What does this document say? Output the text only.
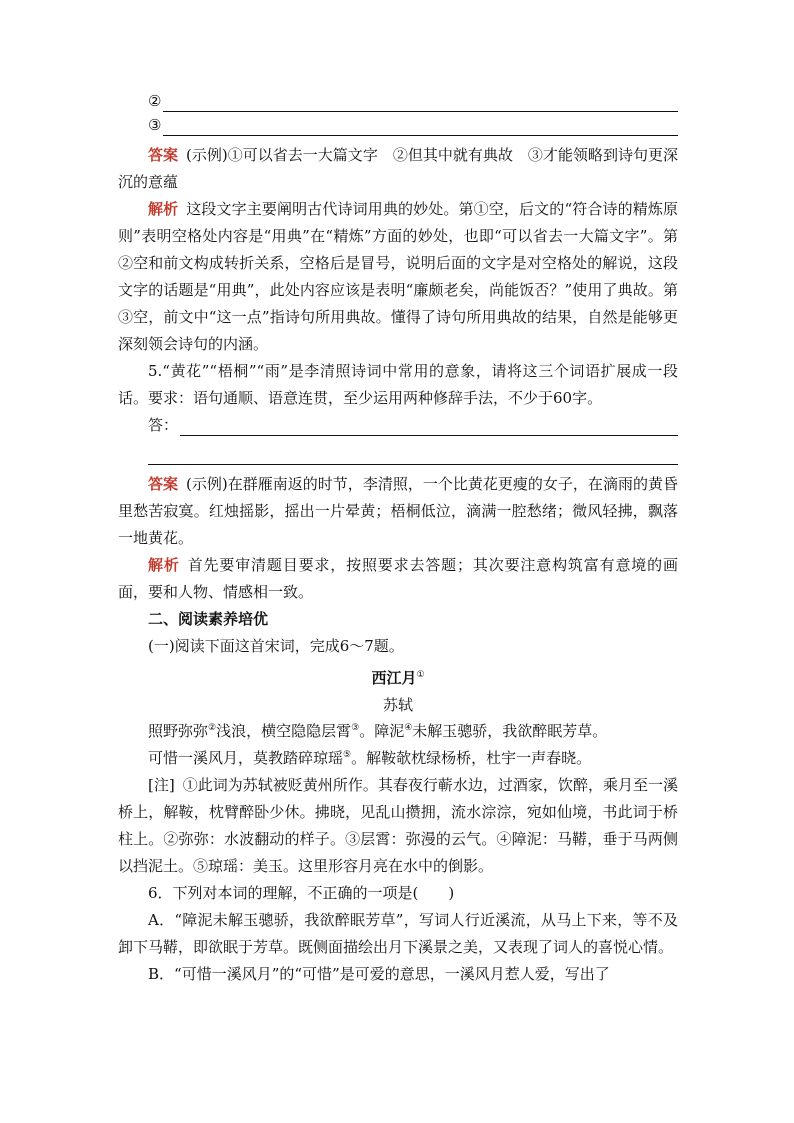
②
③

答案 (示例)①可以省去一大篇文字　②但其中就有典故　③才能领略到诗句更深沉的意蕴

解析 这段文字主要阐明古代诗词用典的妙处。第①空，后文的“符合诗的精炼原则”表明空格处内容是“用典”在“精炼”方面的妙处，也即“可以省去一大篇文字”。第②空和前文构成转折关系，空格后是冒号，说明后面的文字是对空格处的解说，这段文字的话题是“用典”，此处内容应该是表明“廉颇老矣，尚能饭否？”使用了典故。第③空，前文中“这一点”指诗句所用典故。懂得了诗句所用典故的结果，自然是能够更深刻领会诗句的内涵。

5.“黄花”“梧桐”“雨”是李清照诗词中常用的意象，请将这三个词语扩展成一段话。要求：语句通顺、语意连贯，至少运用两种修辞手法，不少于60字。

答：

答案 (示例)在群雁南返的时节，李清照，一个比黄花更瘦的女子，在滴雨的黄昏里愁苦寂寞。红烛摇影，摇出一片晕黄；梧桐低泣，滴满一腔愁绪；微风轻拂，飘落一地黄花。

解析 首先要审清题目要求，按照要求去答题；其次要注意构筑富有意境的画面，要和人物、情感相一致。

二、阅读素养培优

(一)阅读下面这首宋词，完成6～7题。

西江月①
苏轼

照野弥弥②浅浪，横空隐隐层霄③。障泥④未解玉骢骄，我欲醉眠芳草。

可惜一溪风月，莫教踏碎琼瑶⑤。解鞍欹枕绿杨桥，杜宇一声春晓。

[注] ①此词为苏轼被贬黄州所作。其春夜行蕲水边，过酒家，饮醉，乘月至一溪桥上，解鞍，枕臂醉卧少休。拂晓，见乱山攒拥，流水淙淙，宛如仙境，书此词于桥柱上。②弥弥：水波翻动的样子。③层霄：弥漫的云气。④障泥：马鞯，垂于马两侧以挡泥土。⑤琼瑶：美玉。这里形容月亮在水中的倒影。

6．下列对本词的理解，不正确的一项是(　　)

A．“障泥未解玉骢骄，我欲醉眠芳草”，写词人行近溪流，从马上下来，等不及卸下马鞯，即欲眠于芳草。既侧面描绘出月下溪景之美，又表现了词人的喜悦心情。

B．“可惜一溪风月”的“可惜”是可爱的意思，一溪风月惹人爱，写出了
